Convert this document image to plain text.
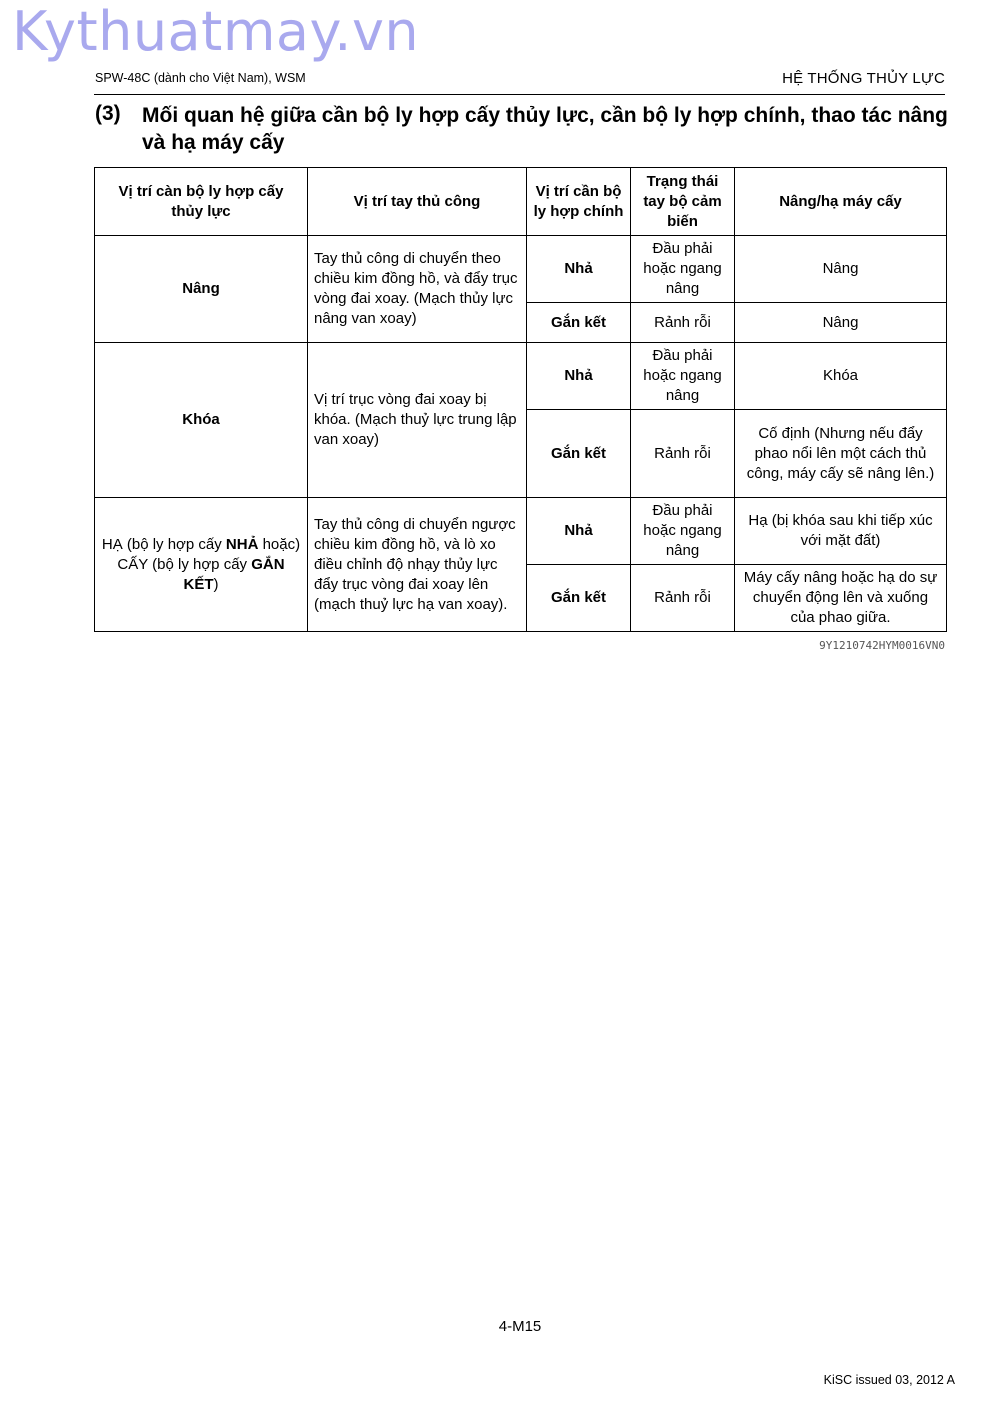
Kythuatmay.vn
SPW-48C (dành cho Việt Nam), WSM	HỆ THỐNG THỦY LỰC
(3) Mối quan hệ giữa cần bộ ly hợp cấy thủy lực, cần bộ ly hợp chính, thao tác nâng và hạ máy cấy
Vị trí càn bộ ly hợp cấy thủy lực	Vị trí tay thủ công	Vị trí cần bộ ly hợp chính	Trạng thái tay bộ cảm biến	Nâng/hạ máy cấy
Nâng	Tay thủ công di chuyển theo chiều kim đồng hồ, và đẩy trục vòng đai xoay. (Mạch thủy lực nâng van xoay)	Nhả	Đầu phải hoặc ngang nâng	Nâng
		Gắn kết	Rảnh rỗi	Nâng
Khóa	Vị trí trục vòng đai xoay bị khóa. (Mạch thuỷ lực trung lập van xoay)	Nhả	Đầu phải hoặc ngang nâng	Khóa
		Gắn kết	Rảnh rỗi	Cố định (Nhưng nếu đẩy phao nổi lên một cách thủ công, máy cấy sẽ nâng lên.)
HẠ (bộ ly hợp cấy NHẢ hoặc) CẤY (bộ ly hợp cấy GẮN KẾT)	Tay thủ công di chuyển ngược chiều kim đồng hồ, và lò xo điều chỉnh độ nhạy thủy lực đẩy trục vòng đai xoay lên (mạch thuỷ lực hạ van xoay).	Nhả	Đầu phải hoặc ngang nâng	Hạ (bị khóa sau khi tiếp xúc với mặt đất)
		Gắn kết	Rảnh rỗi	Máy cấy nâng hoặc hạ do sự chuyển động lên và xuống của phao giữa.
9Y1210742HYM0016VN0
4-M15
KiSC issued 03, 2012 A
